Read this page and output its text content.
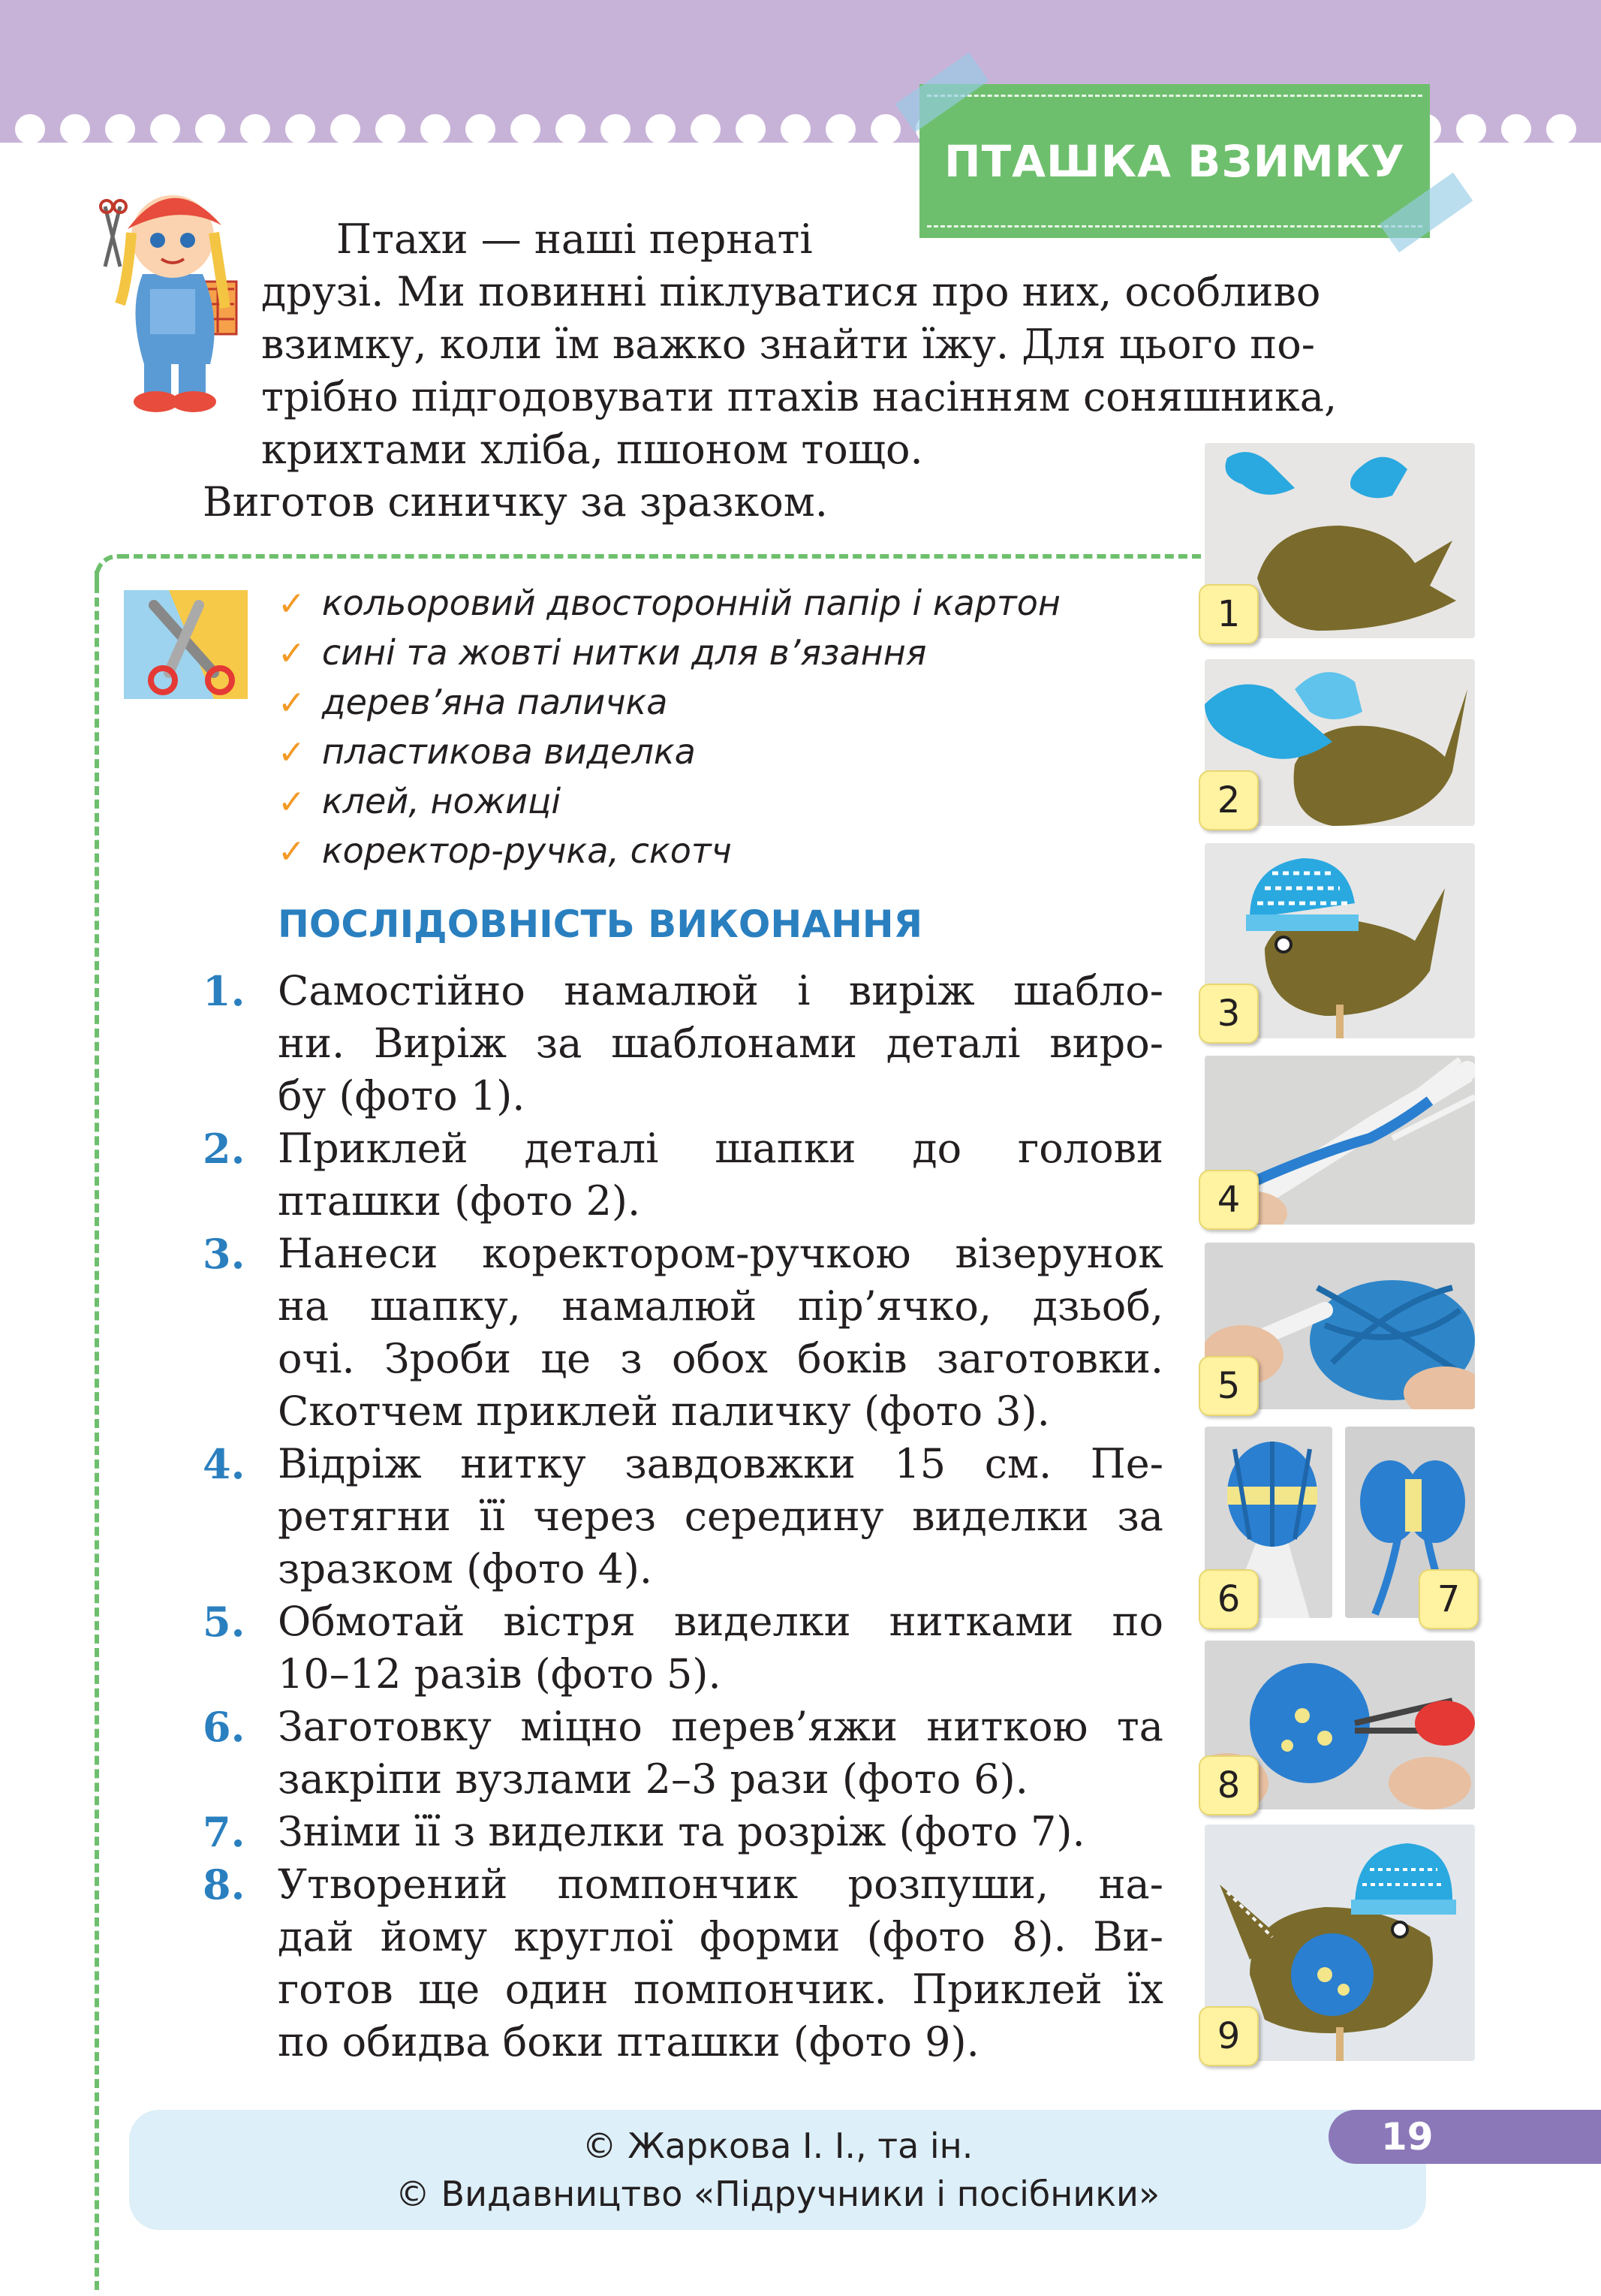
ПТАШКА ВЗИМКУ
Птахи — наші пернаті
друзі. Ми повинні піклуватися про них, особливо
взимку, коли їм важко знайти їжу. Для цього по-
трібно підгодовувати птахів насінням соняшника,
крихтами хліба, пшоном тощо.
Виготов синичку за зразком.
✓ кольоровий двосторонній папір і картон
✓ сині та жовті нитки для в’язання
✓ дерев’яна паличка
✓ пластикова виделка
✓ клей, ножиці
✓ коректор-ручка, скотч
ПОСЛІДОВНІСТЬ ВИКОНАННЯ
1. Самостійно намалюй і виріж шабло-
ни. Виріж за шаблонами деталі виро-
бу (фото 1).
2. Приклей деталі шапки до голови
пташки (фото 2).
3. Нанеси коректором-ручкою візерунок
на шапку, намалюй пір’ячко, дзьоб,
очі. Зроби це з обох боків заготовки.
Скотчем приклей паличку (фото 3).
4. Відріж нитку завдовжки 15 см. Пе-
ретягни її через середину виделки за
зразком (фото 4).
5. Обмотай вістря виделки нитками по
10–12 разів (фото 5).
6. Заготовку міцно перев’яжи ниткою та
закріпи вузлами 2–3 рази (фото 6).
7. Зніми її з виделки та розріж (фото 7).
8. Утворений помпончик розпуши, на-
дай йому круглої форми (фото 8). Ви-
готов ще один помпончик. Приклей їх
по обидва боки пташки (фото 9).
1
2
3
4
5
6	7
8
9
© Жаркова І. І., та ін.
© Видавництво «Підручники і посібники»
19
